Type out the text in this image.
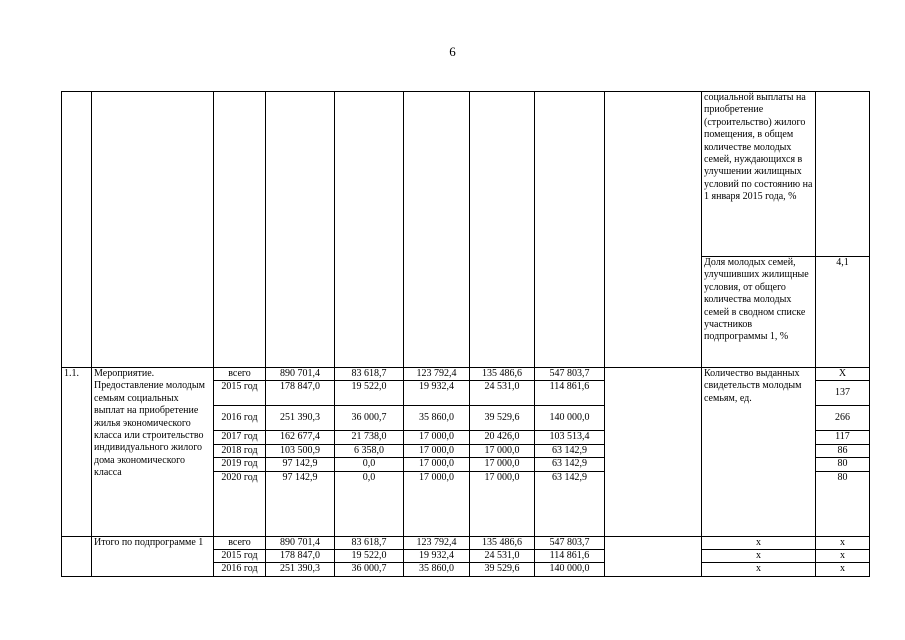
6
									социальной выплаты на приобретение (строительство) жилого помещения, в общем количестве молодых семей, нуждающихся в улучшении жилищных условий по состоянию на 1 января 2015 года, %	
									Доля молодых семей, улучшивших жилищные условия, от общего количества молодых семей в сводном списке участников подпрограммы 1, %	4,1
1.1.	Мероприятие. Предоставление молодым семьям социальных выплат на приобретение жилья экономического класса или строительство индивидуального жилого дома экономического класса	всего	890 701,4	83 618,7	123 792,4	135 486,6	547 803,7		Количество выданных свидетельств молодым семьям, ед.	Х
		2015 год	178 847,0	19 522,0	19 932,4	24 531,0	114 861,6			137
		2016 год	251 390,3	36 000,7	35 860,0	39 529,6	140 000,0			266
		2017 год	162 677,4	21 738,0	17 000,0	20 426,0	103 513,4			117
		2018 год	103 500,9	6 358,0	17 000,0	17 000,0	63 142,9			86
		2019 год	97 142,9	0,0	17 000,0	17 000,0	63 142,9			80
		2020 год	97 142,9	0,0	17 000,0	17 000,0	63 142,9			80
	Итого по подпрограмме 1	всего	890 701,4	83 618,7	123 792,4	135 486,6	547 803,7		х	х
		2015 год	178 847,0	19 522,0	19 932,4	24 531,0	114 861,6		х	х
		2016 год	251 390,3	36 000,7	35 860,0	39 529,6	140 000,0		х	х
